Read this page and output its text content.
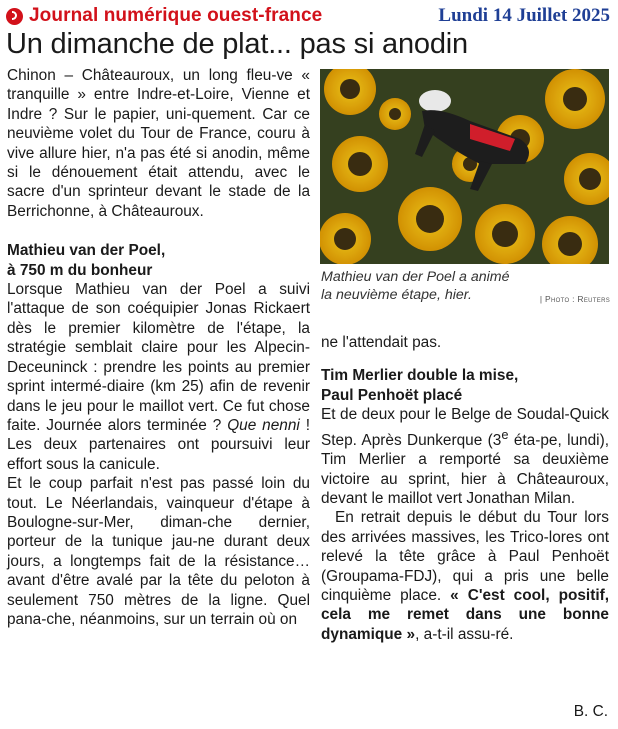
Journal numérique ouest-france	Lundi 14 Juillet 2025
Un dimanche de plat... pas si anodin

Chinon – Châteauroux, un long fleu-ve « tranquille » entre Indre-et-Loire, Vienne et Indre ? Sur le papier, uni-quement. Car ce neuvième volet du Tour de France, couru à vive allure hier, n'a pas été si anodin, même si le dénouement était attendu, avec le sacre d'un sprinteur devant le stade de la Berrichonne, à Châteauroux.

Mathieu van der Poel,
à 750 m du bonheur

Lorsque Mathieu van der Poel a suivi l'attaque de son coéquipier Jonas Rickaert dès le premier kilomètre de l'étape, la stratégie semblait claire pour les Alpecin-Deceuninck : prendre les points au premier sprint intermé-diaire (km 25) afin de revenir dans le jeu pour le maillot vert. Ce fut chose faite. Journée alors terminée ? Que nenni ! Les deux partenaires ont poursuivi leur effort sous la canicule.

Et le coup parfait n'est pas passé loin du tout. Le Néerlandais, vainqueur d'étape à Boulogne-sur-Mer, diman-che dernier, porteur de la tunique jau-ne durant deux jours, a longtemps fait de la résistance… avant d'être avalé par la tête du peloton à seulement 750 mètres de la ligne. Quel pana-che, néanmoins, sur un terrain où on

Mathieu van der Poel a animé
la neuvième étape, hier.	| Photo : Reuters

ne l'attendait pas.

Tim Merlier double la mise,
Paul Penhoët placé

Et de deux pour le Belge de Soudal-Quick Step. Après Dunkerque (3e éta-pe, lundi), Tim Merlier a remporté sa deuxième victoire au sprint, hier à Châteauroux, devant le maillot vert Jonathan Milan.

En retrait depuis le début du Tour lors des arrivées massives, les Trico-lores ont relevé la tête grâce à Paul Penhoët (Groupama-FDJ), qui a pris une belle cinquième place. « C'est cool, positif, cela me remet dans une bonne dynamique », a-t-il assu-ré.

B. C.
